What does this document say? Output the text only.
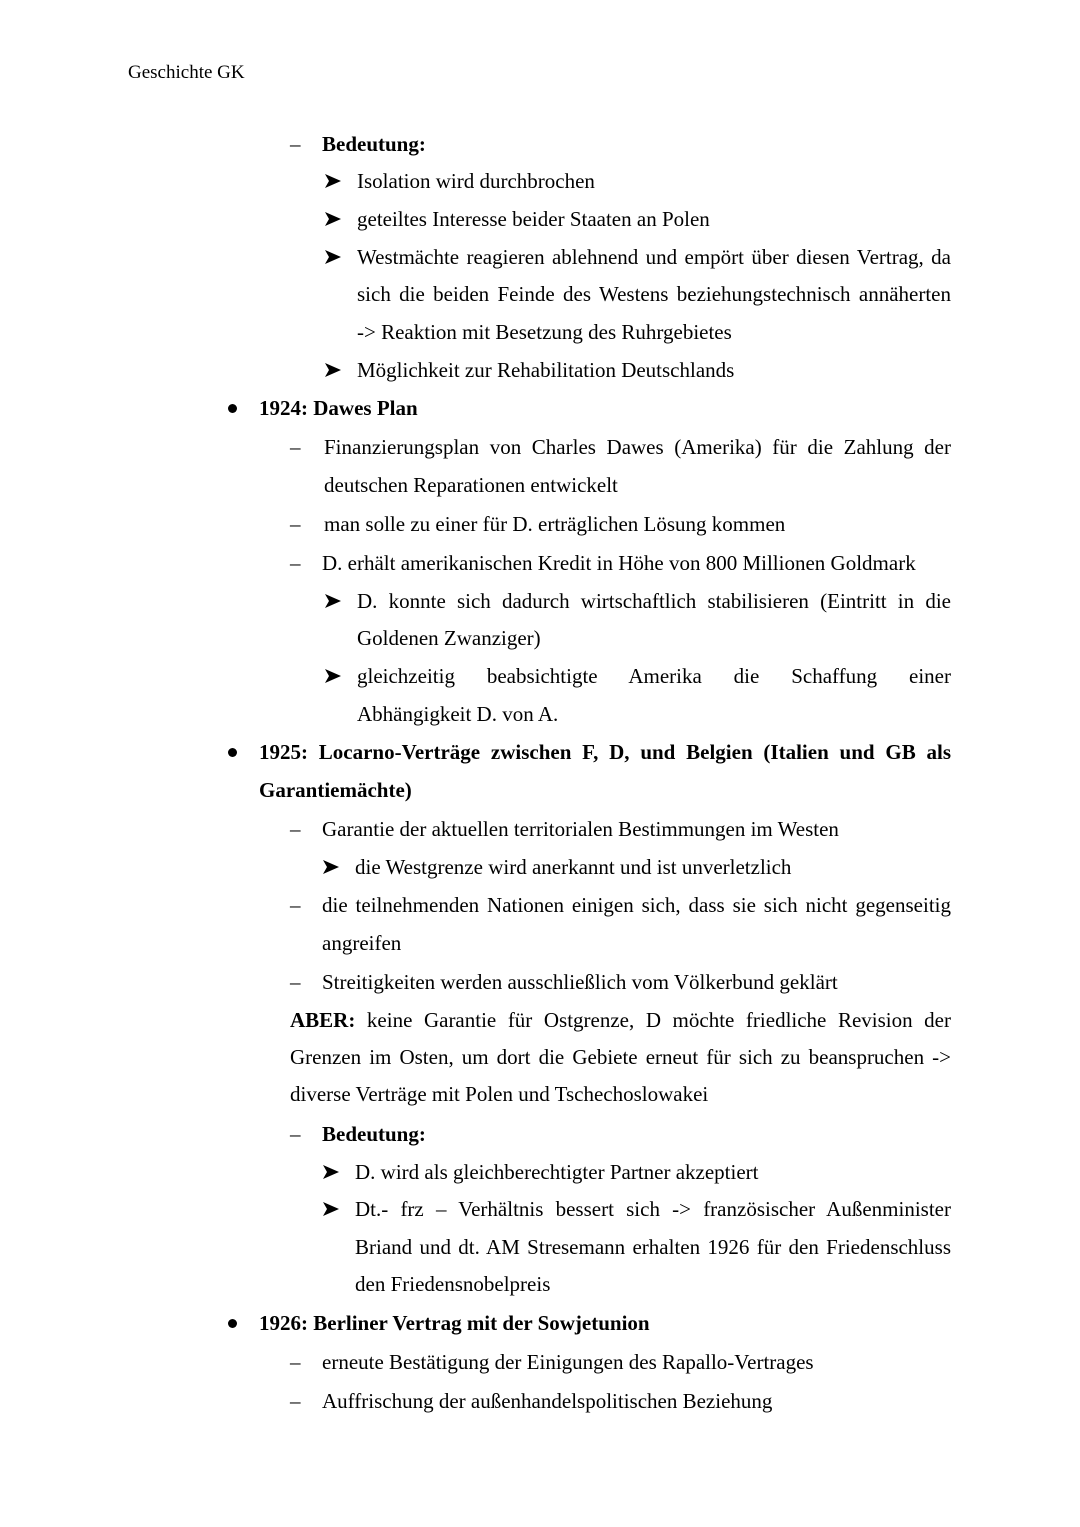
Geschichte GK
– Bedeutung:
Isolation wird durchbrochen
geteiltes Interesse beider Staaten an Polen
Westmächte reagieren ablehnend und empört über diesen Vertrag, da
sich die beiden Feinde des Westens beziehungstechnisch annäherten
-> Reaktion mit Besetzung des Ruhrgebietes
Möglichkeit zur Rehabilitation Deutschlands
1924: Dawes Plan
– Finanzierungsplan von Charles Dawes (Amerika) für die Zahlung der
deutschen Reparationen entwickelt
– man solle zu einer für D. erträglichen Lösung kommen
– D. erhält amerikanischen Kredit in Höhe von 800 Millionen Goldmark
D. konnte sich dadurch wirtschaftlich stabilisieren (Eintritt in die
Goldenen Zwanziger)
gleichzeitig beabsichtigte Amerika die Schaffung einer
Abhängigkeit D. von A.
1925: Locarno-Verträge zwischen F, D, und Belgien (Italien und GB als
Garantiemächte)
– Garantie der aktuellen territorialen Bestimmungen im Westen
die Westgrenze wird anerkannt und ist unverletzlich
– die teilnehmenden Nationen einigen sich, dass sie sich nicht gegenseitig
angreifen
– Streitigkeiten werden ausschließlich vom Völkerbund geklärt
ABER: keine Garantie für Ostgrenze, D möchte friedliche Revision der
Grenzen im Osten, um dort die Gebiete erneut für sich zu beanspruchen ->
diverse Verträge mit Polen und Tschechoslowakei
– Bedeutung:
D. wird als gleichberechtigter Partner akzeptiert
Dt.- frz – Verhältnis bessert sich -> französischer Außenminister
Briand und dt. AM Stresemann erhalten 1926 für den Friedenschluss
den Friedensnobelpreis
1926: Berliner Vertrag mit der Sowjetunion
– erneute Bestätigung der Einigungen des Rapallo-Vertrages
– Auffrischung der außenhandelspolitischen Beziehung
